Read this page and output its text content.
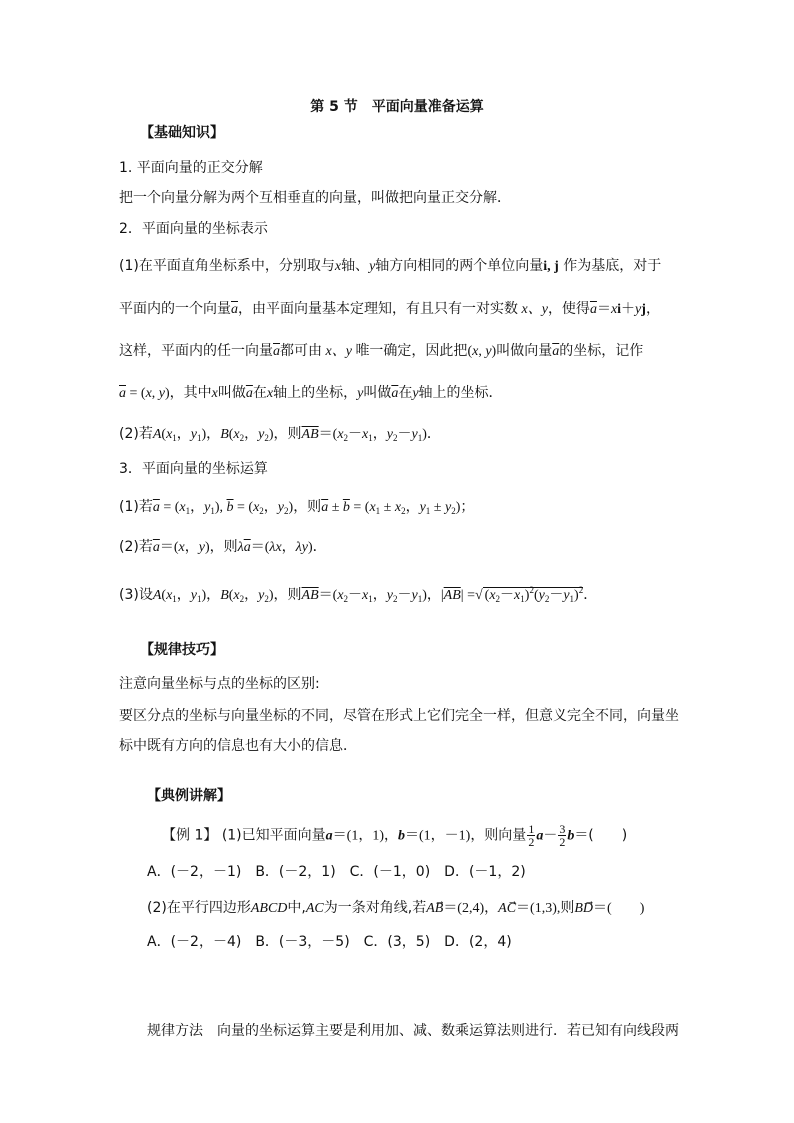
第 5 节　平面向量准备运算
【基础知识】
1. 平面向量的正交分解
把一个向量分解为两个互相垂直的向量，叫做把向量正交分解．
2．平面向量的坐标表示
(1)在平面直角坐标系中，分别取与x轴、y轴方向相同的两个单位向量i, j 作为基底，对于
平面内的一个向量$\overline{a}$，由平面向量基本定理知，有且只有一对实数 x、y，使得$\overline{a}=xi+yj$，
这样，平面内的任一向量$\overline{a}$都可由 x、y 唯一确定，因此把(x, y)叫做向量$\overline{a}$的坐标，记作
$\overline{a} = (x$, y)，其中x叫做$\overline{a}$在x轴上的坐标，y叫做$\overline{a}$在y轴上的坐标．
(2)若$A(x_1$，$y_1$)，$B(x_2$，$y_2$)，则$\overline{AB}=(x_2-x_1$，$y_2-y_1$)．
3．平面向量的坐标运算
(1)若$\overline{a} = (x_1$，$y_1$), $\overline{b} = (x_2$，$y_2$)，则$\overline{a} \pm \overline{b} = (x_1 \pm x_2$，$y_1 \pm y_2$)；
(2)若$\overline{a}=(x$，y)，则$\lambda\overline{a}=(\lambda x$，λy)．
(3)设$A(x_1$，$y_1$)，$B(x_2$，$y_2$)，则$\overline{AB}=(x_2-x_1$，$y_2-y_1$)，$|\overline{AB}|$ =√ $(x_2-x_1)^2(y_2-y_1)^2$．
【规律技巧】
注意向量坐标与点的坐标的区别:
要区分点的坐标与向量坐标的不同，尽管在形式上它们完全一样，但意义完全不同，向量坐
标中既有方向的信息也有大小的信息．
【典例讲解】
【例 1】 (1)已知平面向量a＝(1，1)，b＝(1，－1)，则向量 $\frac{1}{2} a- \frac{3}{2} b=$(　　)
A．(－2，－1)　B．(－2，1)　C．(－1，0)　D．(－1，2)
(2)在平行四边形ABCD中,AC为一条对角线,若AB⃗＝(2,4)，AC⃗＝(1,3),则BD⃗＝(　　)
A．(－2，－4)　B．(－3，－5)　C．(3，5)　D．(2，4)
规律方法　向量的坐标运算主要是利用加、减、数乘运算法则进行．若已知有向线段两
